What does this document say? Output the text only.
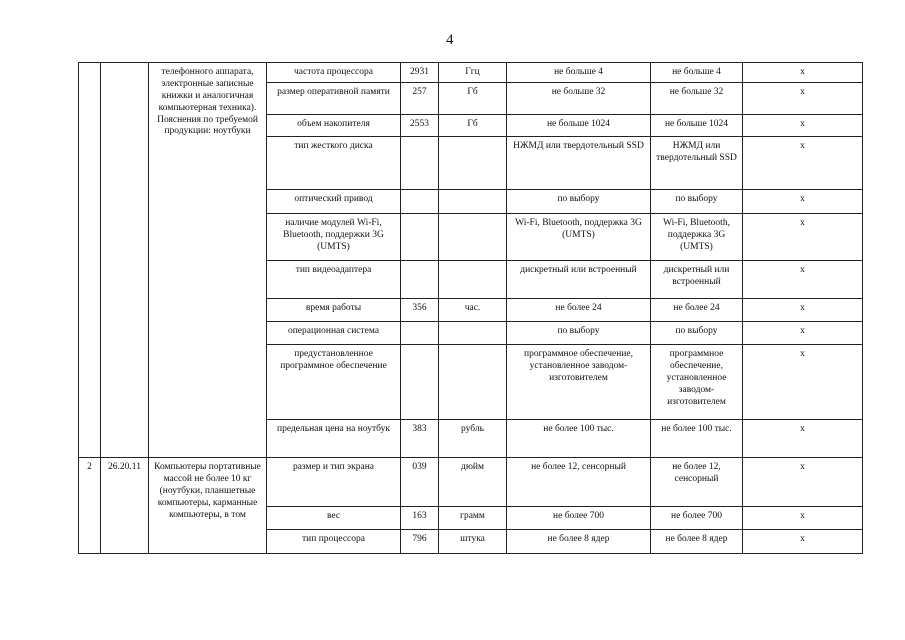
4
		телефонного аппарата, электронные записные книжки и аналогичная компьютерная техника). Пояснения по требуемой продукции: ноутбуки	частота процессора	2931	Ггц	не больше 4	не больше 4	x
			размер оперативной памяти	257	Гб	не больше 32	не больше 32	x
			объем накопителя	2553	Гб	не больше 1024	не больше 1024	x
			тип жесткого диска			НЖМД или твердотельный SSD	НЖМД или твердотельный SSD	x
			оптический привод			по выбору	по выбору	x
			наличие модулей Wi-Fi, Bluetooth, поддержки 3G (UMTS)			Wi-Fi, Bluetooth, поддержка 3G (UMTS)	Wi-Fi, Bluetooth, поддержка 3G (UMTS)	x
			тип видеоадаптера			дискретный или встроенный	дискретный или встроенный	x
			время работы	356	час.	не более 24	не более 24	x
			операционная система			по выбору	по выбору	x
			предустановленное программное обеспечение			программное обеспечение, установленное заводом-изготовителем	программное обеспечение, установленное заводом-изготовителем	x
			предельная цена на ноутбук	383	рубль	не более 100 тыс.	не более 100 тыс.	x
2	26.20.11	Компьютеры портативные массой не более 10 кг (ноутбуки, планшетные компьютеры, карманные компьютеры, в том	размер и тип экрана	039	дюйм	не более 12, сенсорный	не более 12, сенсорный	x
			вес	163	грамм	не более 700	не более 700	x
			тип процессора	796	штука	не более 8 ядер	не более 8 ядер	x
